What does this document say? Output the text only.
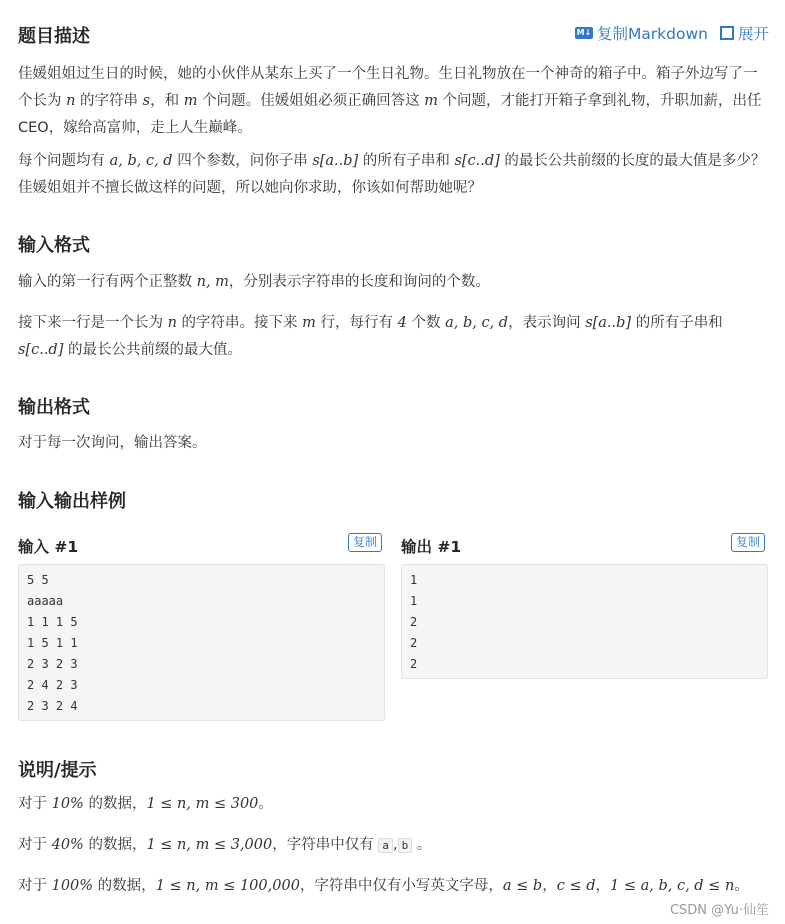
题目描述	M↓ 复制Markdown 展开

佳媛姐姐过生日的时候，她的小伙伴从某东上买了一个生日礼物。生日礼物放在一个神奇的箱子中。箱子外边写了一个长为 n 的字符串 s，和 m 个问题。佳媛姐姐必须正确回答这 m 个问题，才能打开箱子拿到礼物，升职加薪，出任 CEO，嫁给高富帅，走上人生巅峰。

每个问题均有 a, b, c, d 四个参数，问你子串 s[a..b] 的所有子串和 s[c..d] 的最长公共前缀的长度的最大值是多少？佳媛姐姐并不擅长做这样的问题，所以她向你求助，你该如何帮助她呢？

输入格式

输入的第一行有两个正整数 n, m，分别表示字符串的长度和询问的个数。

接下来一行是一个长为 n 的字符串。接下来 m 行，每行有 4 个数 a, b, c, d，表示询问 s[a..b] 的所有子串和 s[c..d] 的最长公共前缀的最大值。

输出格式

对于每一次询问，输出答案。

输入输出样例
输入 #1	复制
5 5
aaaaa
1 1 1 5
1 5 1 1
2 3 2 3
2 4 2 3
2 3 2 4
输出 #1	复制
1
1
2
2
2
说明/提示

对于 10% 的数据，1 ≤ n, m ≤ 300。

对于 40% 的数据，1 ≤ n, m ≤ 3,000，字符串中仅有 a , b 。

对于 100% 的数据，1 ≤ n, m ≤ 100,000，字符串中仅有小写英文字母，a ≤ b，c ≤ d，1 ≤ a, b, c, d ≤ n。

CSDN @Yu·仙笙
